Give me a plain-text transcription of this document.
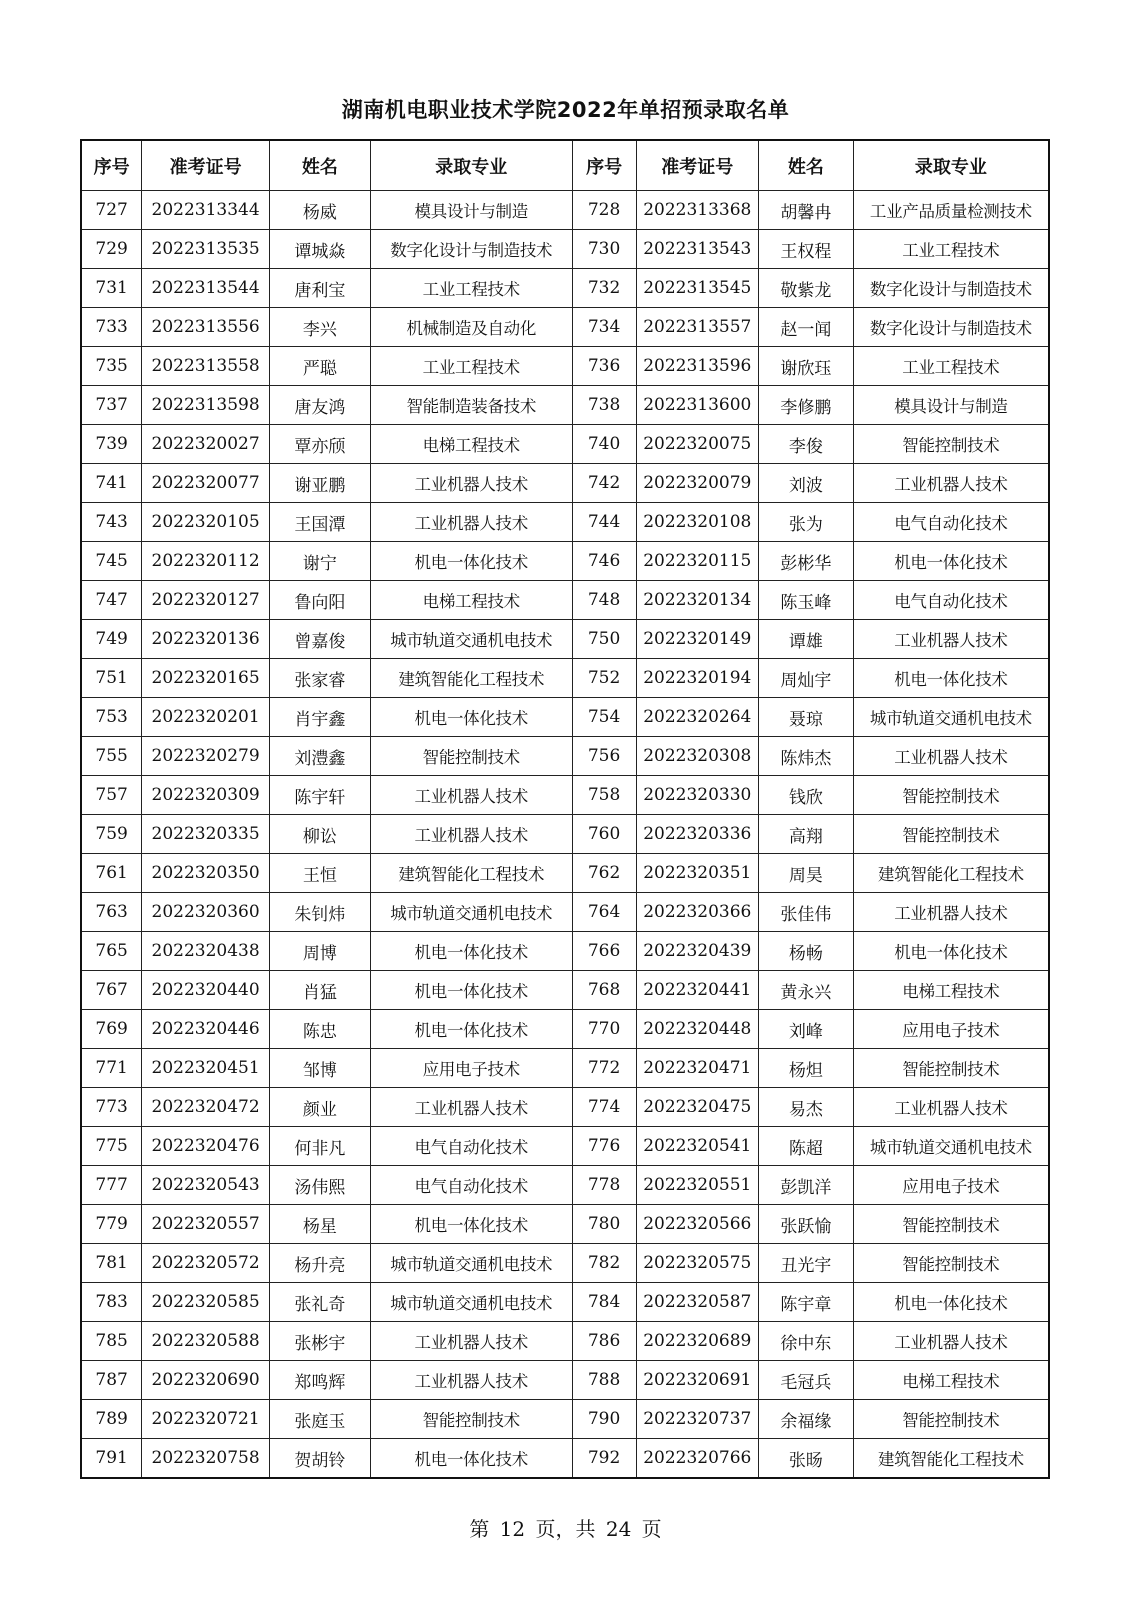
湖南机电职业技术学院2022年单招预录取名单
序号	准考证号	姓名	录取专业	序号	准考证号	姓名	录取专业
727	2022313344	杨威	模具设计与制造	728	2022313368	胡馨冉	工业产品质量检测技术
729	2022313535	谭城焱	数字化设计与制造技术	730	2022313543	王权程	工业工程技术
731	2022313544	唐利宝	工业工程技术	732	2022313545	敬紫龙	数字化设计与制造技术
733	2022313556	李兴	机械制造及自动化	734	2022313557	赵一闻	数字化设计与制造技术
735	2022313558	严聪	工业工程技术	736	2022313596	谢欣珏	工业工程技术
737	2022313598	唐友鸿	智能制造装备技术	738	2022313600	李修鹏	模具设计与制造
739	2022320027	覃亦颀	电梯工程技术	740	2022320075	李俊	智能控制技术
741	2022320077	谢亚鹏	工业机器人技术	742	2022320079	刘波	工业机器人技术
743	2022320105	王国潭	工业机器人技术	744	2022320108	张为	电气自动化技术
745	2022320112	谢宁	机电一体化技术	746	2022320115	彭彬华	机电一体化技术
747	2022320127	鲁向阳	电梯工程技术	748	2022320134	陈玉峰	电气自动化技术
749	2022320136	曾嘉俊	城市轨道交通机电技术	750	2022320149	谭雄	工业机器人技术
751	2022320165	张家睿	建筑智能化工程技术	752	2022320194	周灿宇	机电一体化技术
753	2022320201	肖宇鑫	机电一体化技术	754	2022320264	聂琼	城市轨道交通机电技术
755	2022320279	刘澧鑫	智能控制技术	756	2022320308	陈炜杰	工业机器人技术
757	2022320309	陈宇轩	工业机器人技术	758	2022320330	钱欣	智能控制技术
759	2022320335	柳讼	工业机器人技术	760	2022320336	高翔	智能控制技术
761	2022320350	王恒	建筑智能化工程技术	762	2022320351	周昊	建筑智能化工程技术
763	2022320360	朱钊炜	城市轨道交通机电技术	764	2022320366	张佳伟	工业机器人技术
765	2022320438	周博	机电一体化技术	766	2022320439	杨畅	机电一体化技术
767	2022320440	肖猛	机电一体化技术	768	2022320441	黄永兴	电梯工程技术
769	2022320446	陈忠	机电一体化技术	770	2022320448	刘峰	应用电子技术
771	2022320451	邹博	应用电子技术	772	2022320471	杨炟	智能控制技术
773	2022320472	颜业	工业机器人技术	774	2022320475	易杰	工业机器人技术
775	2022320476	何非凡	电气自动化技术	776	2022320541	陈超	城市轨道交通机电技术
777	2022320543	汤伟熙	电气自动化技术	778	2022320551	彭凯洋	应用电子技术
779	2022320557	杨星	机电一体化技术	780	2022320566	张跃愉	智能控制技术
781	2022320572	杨升亮	城市轨道交通机电技术	782	2022320575	丑光宇	智能控制技术
783	2022320585	张礼奇	城市轨道交通机电技术	784	2022320587	陈宇章	机电一体化技术
785	2022320588	张彬宇	工业机器人技术	786	2022320689	徐中东	工业机器人技术
787	2022320690	郑鸣辉	工业机器人技术	788	2022320691	毛冠兵	电梯工程技术
789	2022320721	张庭玉	智能控制技术	790	2022320737	余福缘	智能控制技术
791	2022320758	贺胡铃	机电一体化技术	792	2022320766	张旸	建筑智能化工程技术
第 12 页，共 24 页
